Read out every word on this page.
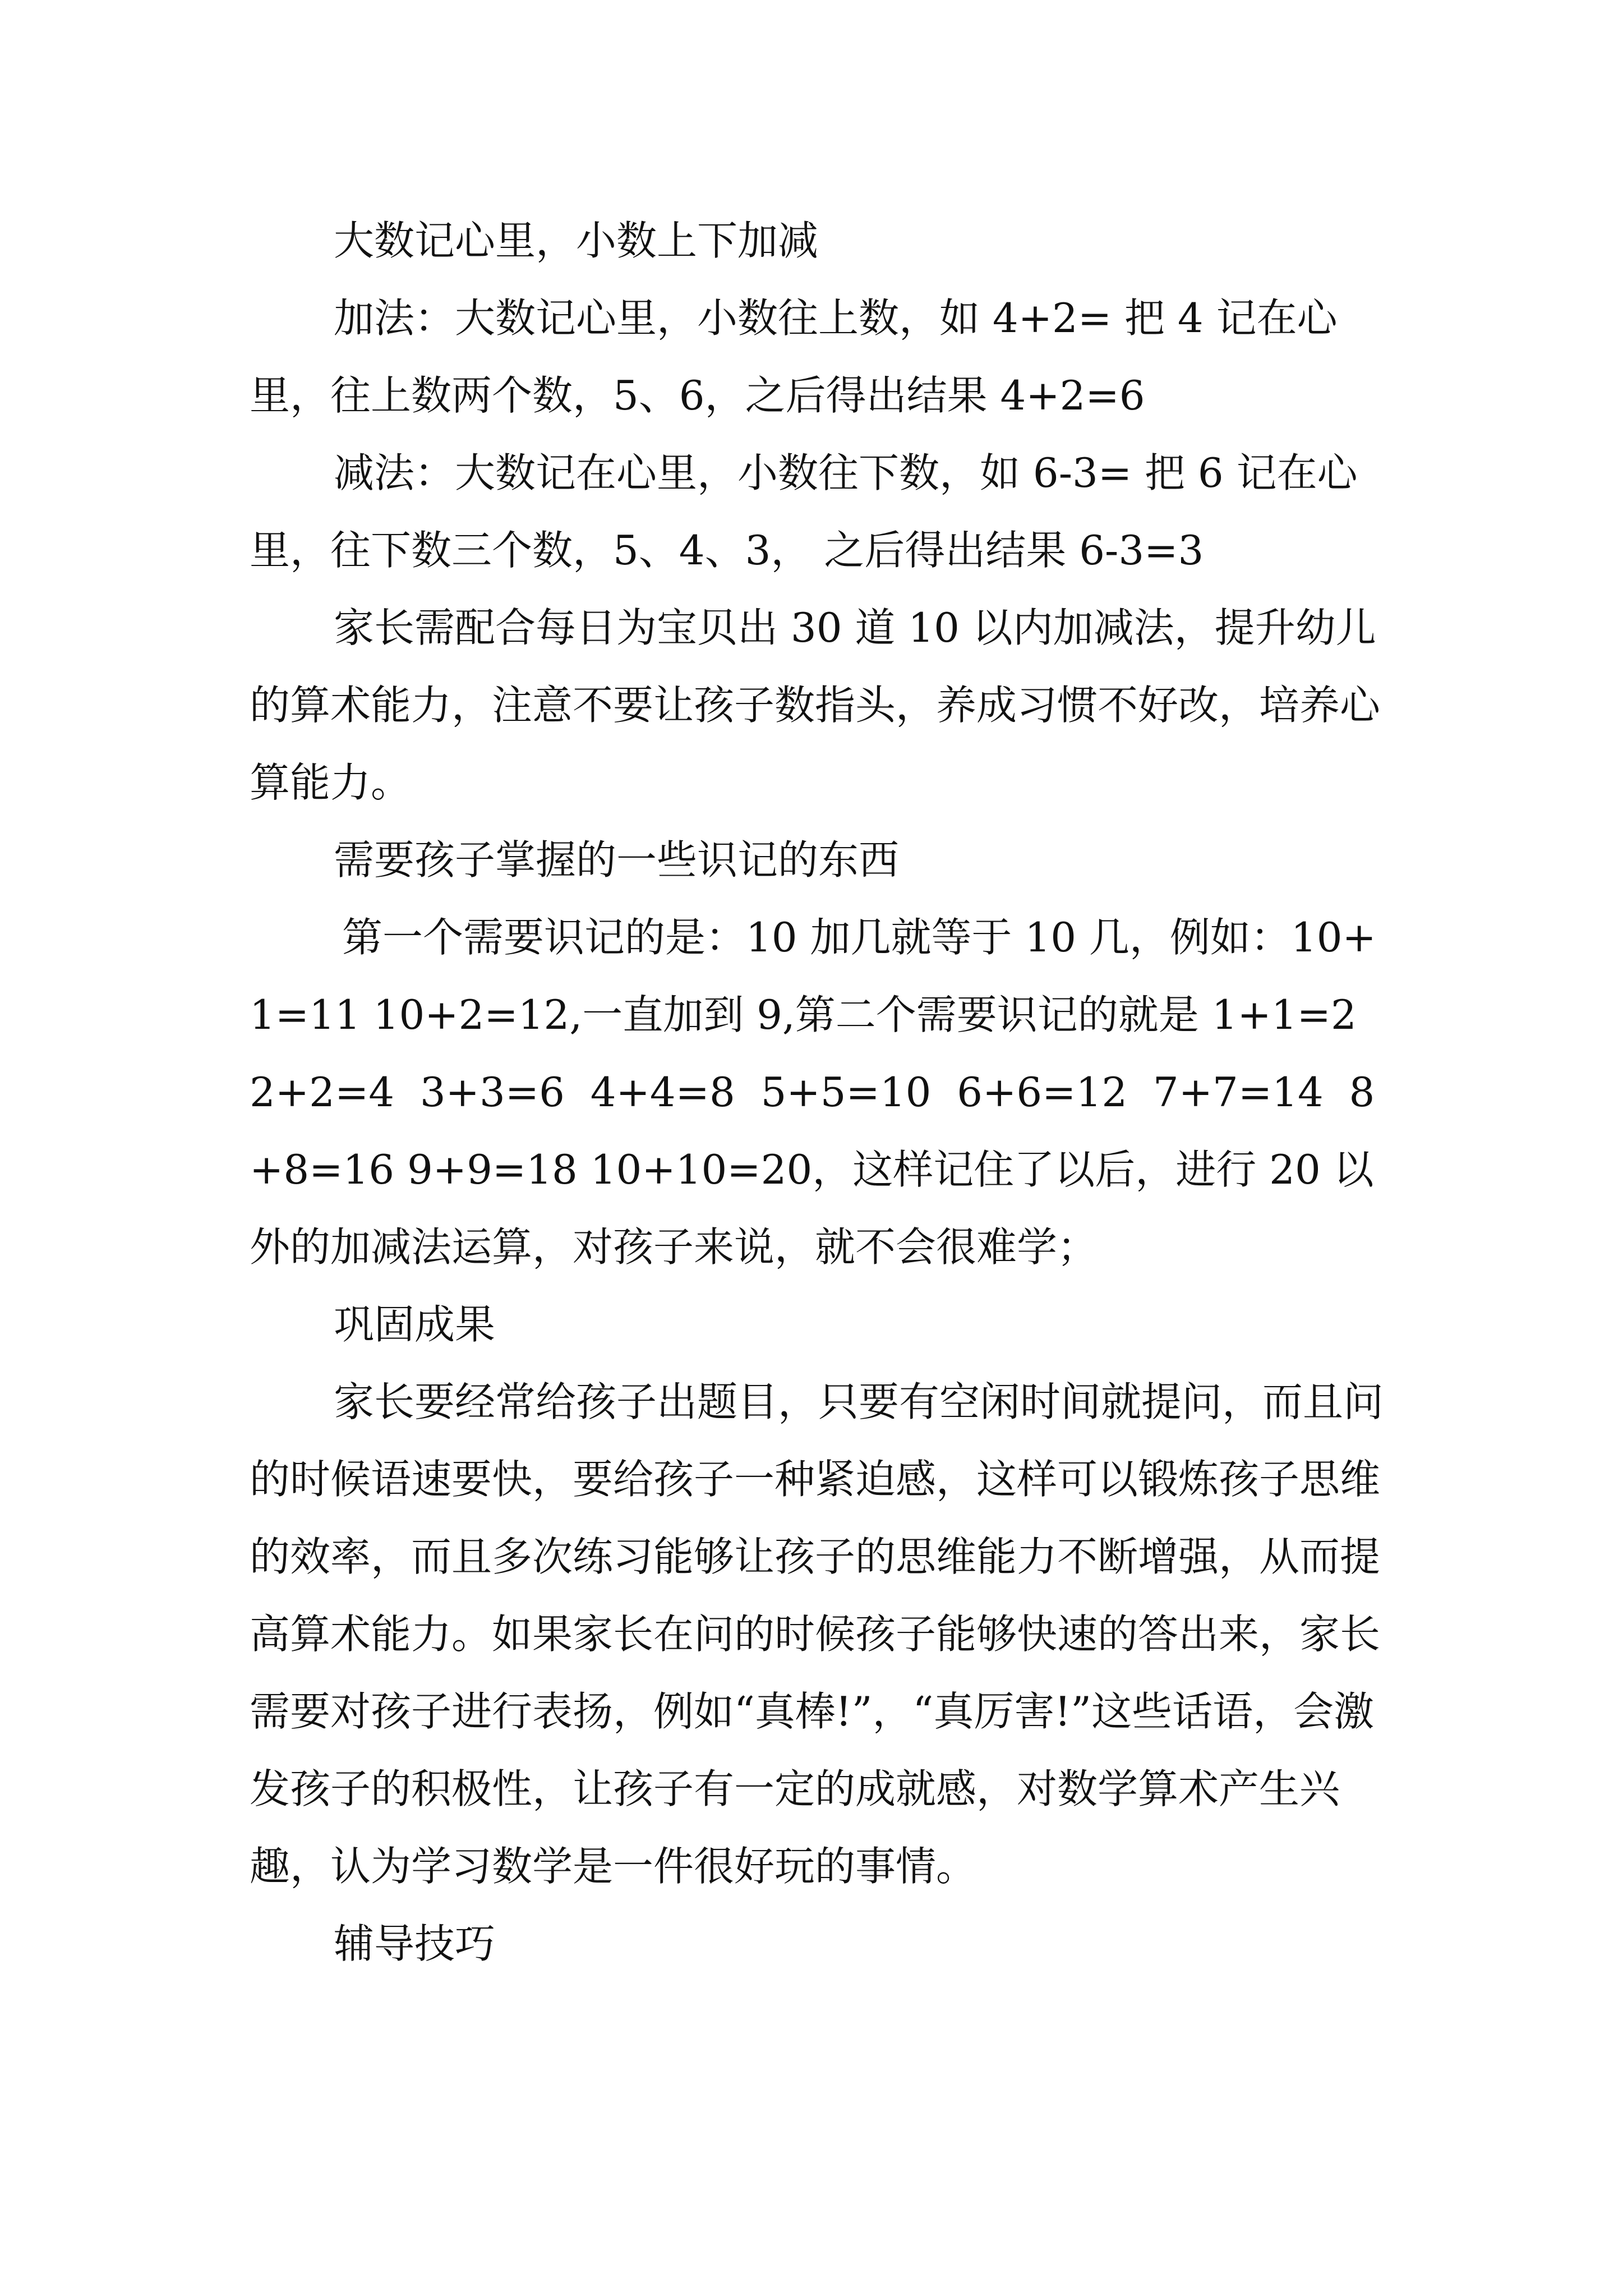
大数记心里，小数上下加减

加法：大数记心里，小数往上数，如 4+2= 把 4 记在心里，往上数两个数，5、6，之后得出结果 4+2=6

减法：大数记在心里，小数往下数，如 6-3= 把 6 记在心里，往下数三个数，5、4、3， 之后得出结果 6-3=3

家长需配合每日为宝贝出 30 道 10 以内加减法，提升幼儿的算术能力，注意不要让孩子数指头，养成习惯不好改，培养心算能力。

需要孩子掌握的一些识记的东西

第一个需要识记的是：10 加几就等于 10 几，例如：10+1=11 10+2=12,一直加到 9,第二个需要识记的就是 1+1=2 2+2=4  3+3=6  4+4=8  5+5=10  6+6=12  7+7=14  8+8=16 9+9=18 10+10=20，这样记住了以后，进行 20 以外的加减法运算，对孩子来说，就不会很难学；

巩固成果

家长要经常给孩子出题目，只要有空闲时间就提问，而且问的时候语速要快，要给孩子一种紧迫感，这样可以锻炼孩子思维的效率，而且多次练习能够让孩子的思维能力不断增强，从而提高算术能力。如果家长在问的时候孩子能够快速的答出来，家长需要对孩子进行表扬，例如“真棒!”，“真厉害!”这些话语，会激发孩子的积极性，让孩子有一定的成就感，对数学算术产生兴趣，认为学习数学是一件很好玩的事情。

辅导技巧
